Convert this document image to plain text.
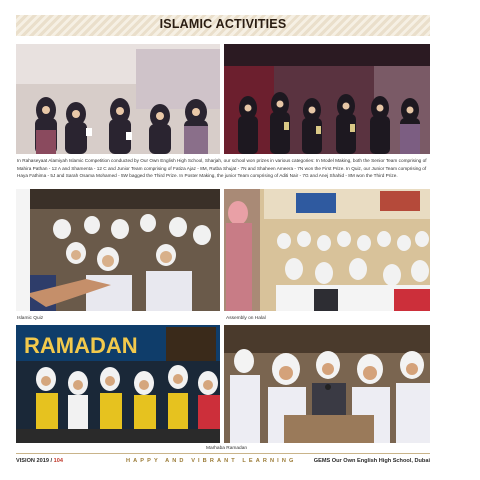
ISLAMIC ACTIVITIES

In Rahaseyaat Alamiyah Islamic Competition conducted by Our Own English High School, Sharjah, our school won prizes in various categories: In Model Making, both the Senior Team comprising of Mahira Pathan - 12 A and Shamenta - 12 C and Junior Team comprising of Fatiza Ajaz - 8M, Rutba Shujat - 7N and Shaheen Ameera - 7N won the First Prize. In Quiz, our Junior Team comprising of Haya Fathima - 5J and Sarah Osama Mohamed - 5W bagged the Third Prize. In Poster Making, the junior Team comprising of Aditi Nair - 7G and Anej Shahid - 8M won the Third Prize.

Islamic Quiz	Assembly on Halal
RAMADAN
Marhaba Ramadan
VISION 2019 / 104	HAPPY AND VIBRANT LEARNING	GEMS Our Own English High School, Dubai
